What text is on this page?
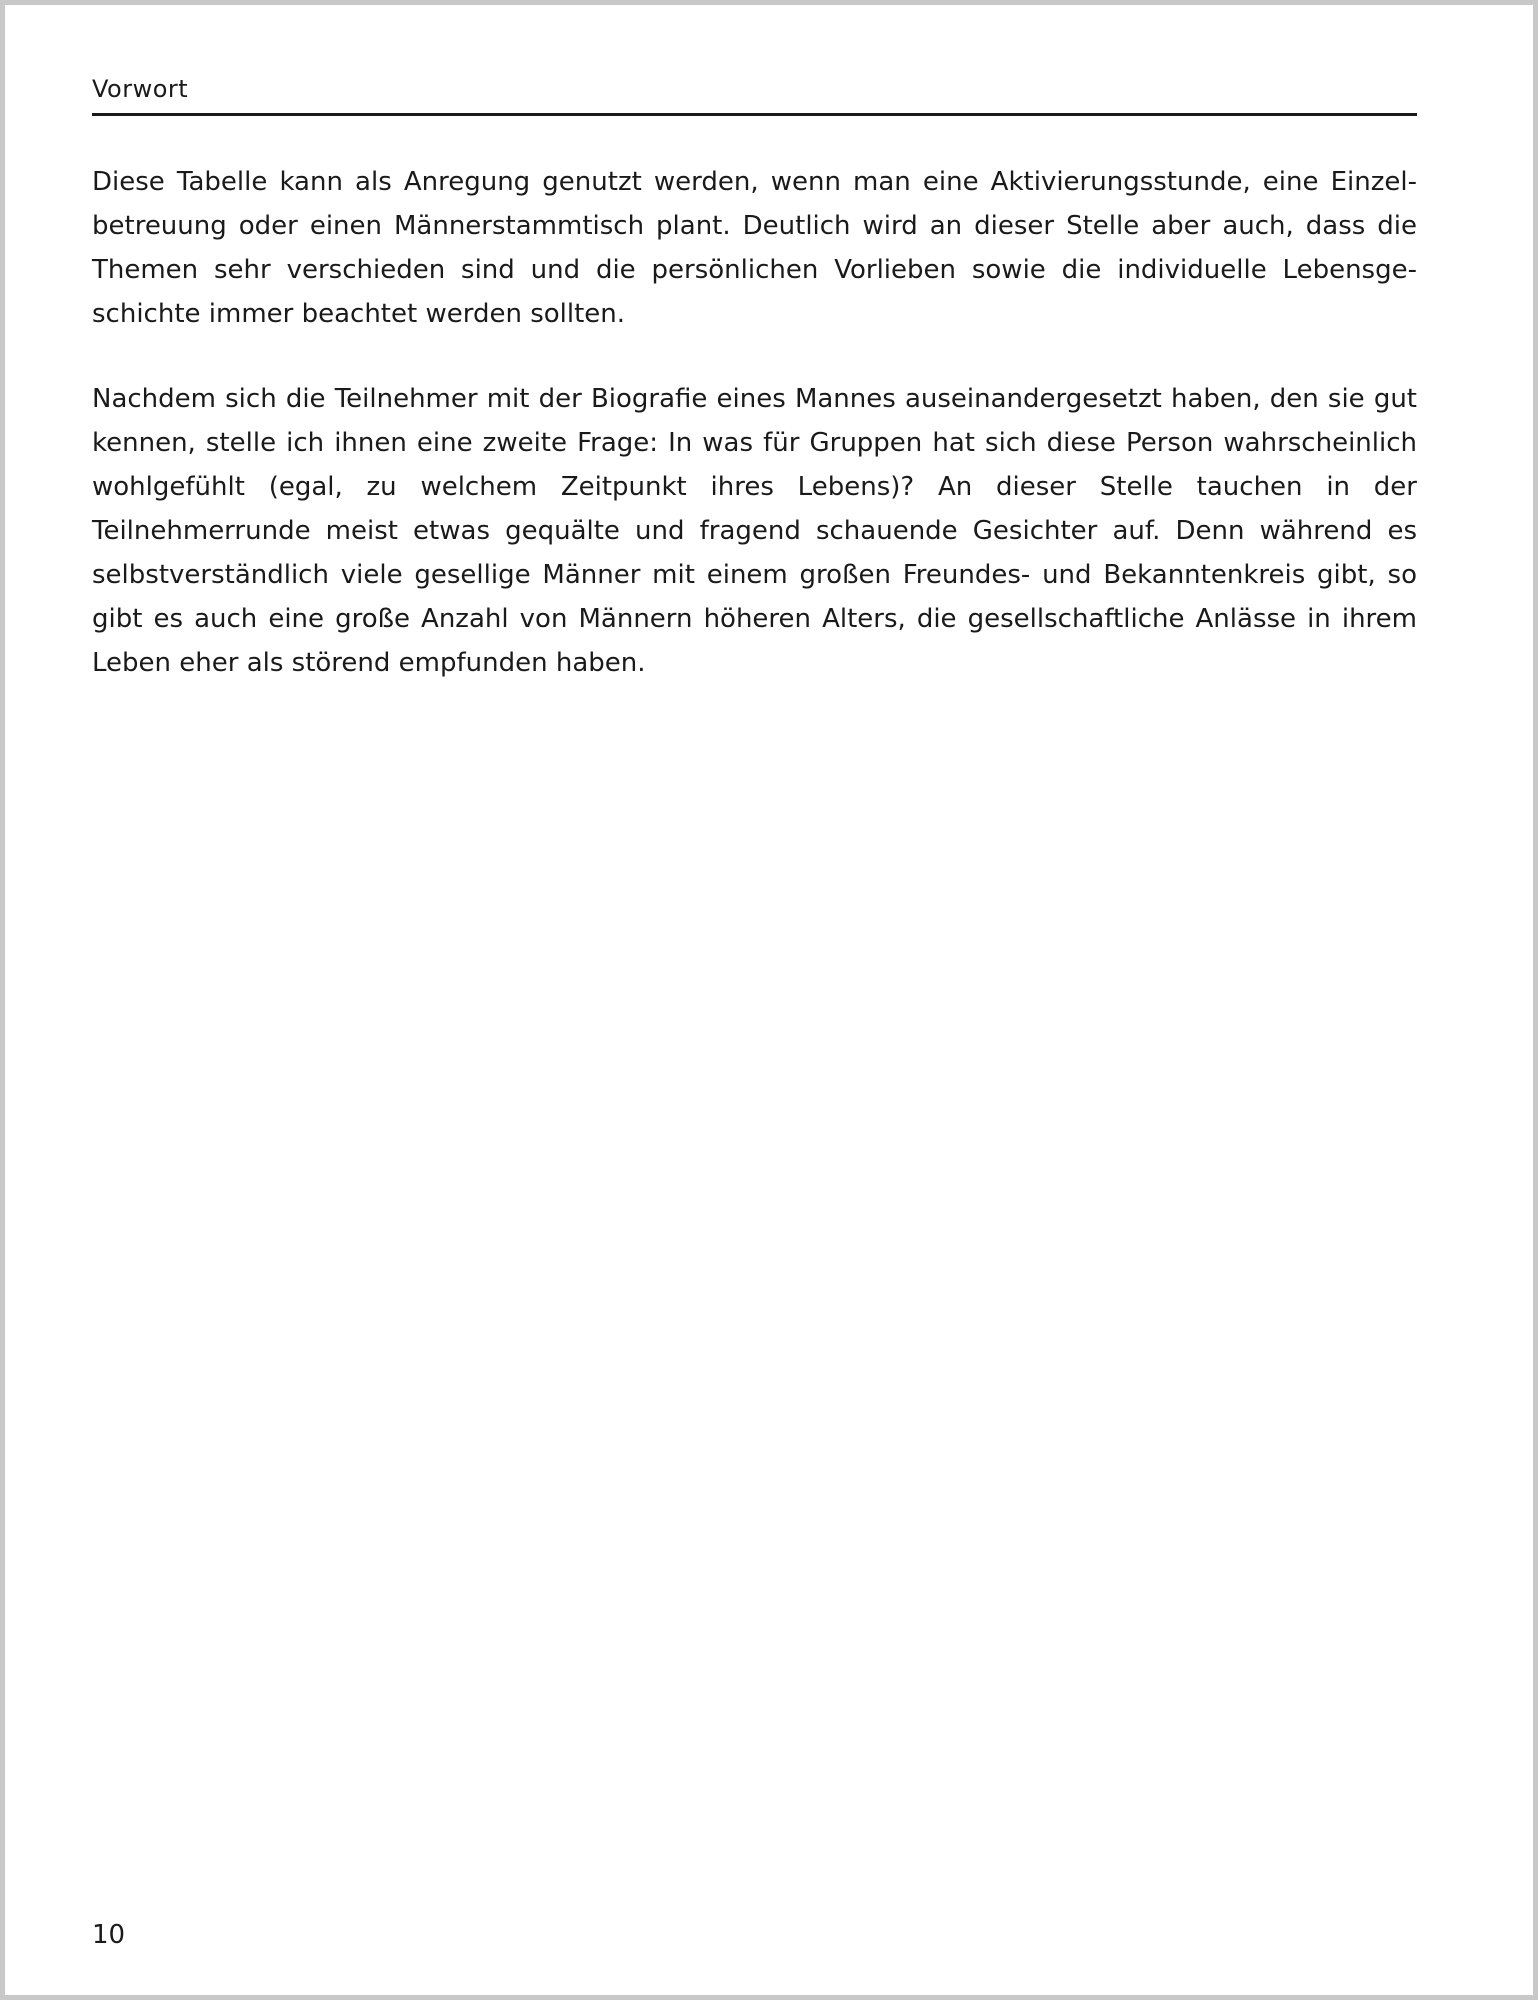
Vorwort

Diese Tabelle kann als Anregung genutzt werden, wenn man eine Aktivierungsstunde, eine Einzelbetreuung oder einen Männerstammtisch plant. Deutlich wird an dieser Stelle aber auch, dass die Themen sehr verschieden sind und die persönlichen Vorlieben sowie die individuelle Lebensgeschichte immer beachtet werden sollten.

Nachdem sich die Teilnehmer mit der Biografie eines Mannes auseinandergesetzt haben, den sie gut kennen, stelle ich ihnen eine zweite Frage: In was für Gruppen hat sich diese Person wahrscheinlich wohlgefühlt (egal, zu welchem Zeitpunkt ihres Lebens)? An dieser Stelle tauchen in der Teilnehmerrunde meist etwas gequälte und fragend schauende Gesichter auf. Denn während es selbstverständlich viele gesellige Männer mit einem großen Freundes- und Bekanntenkreis gibt, so gibt es auch eine große Anzahl von Männern höheren Alters, die gesellschaftliche Anlässe in ihrem Leben eher als störend empfunden haben.

10
